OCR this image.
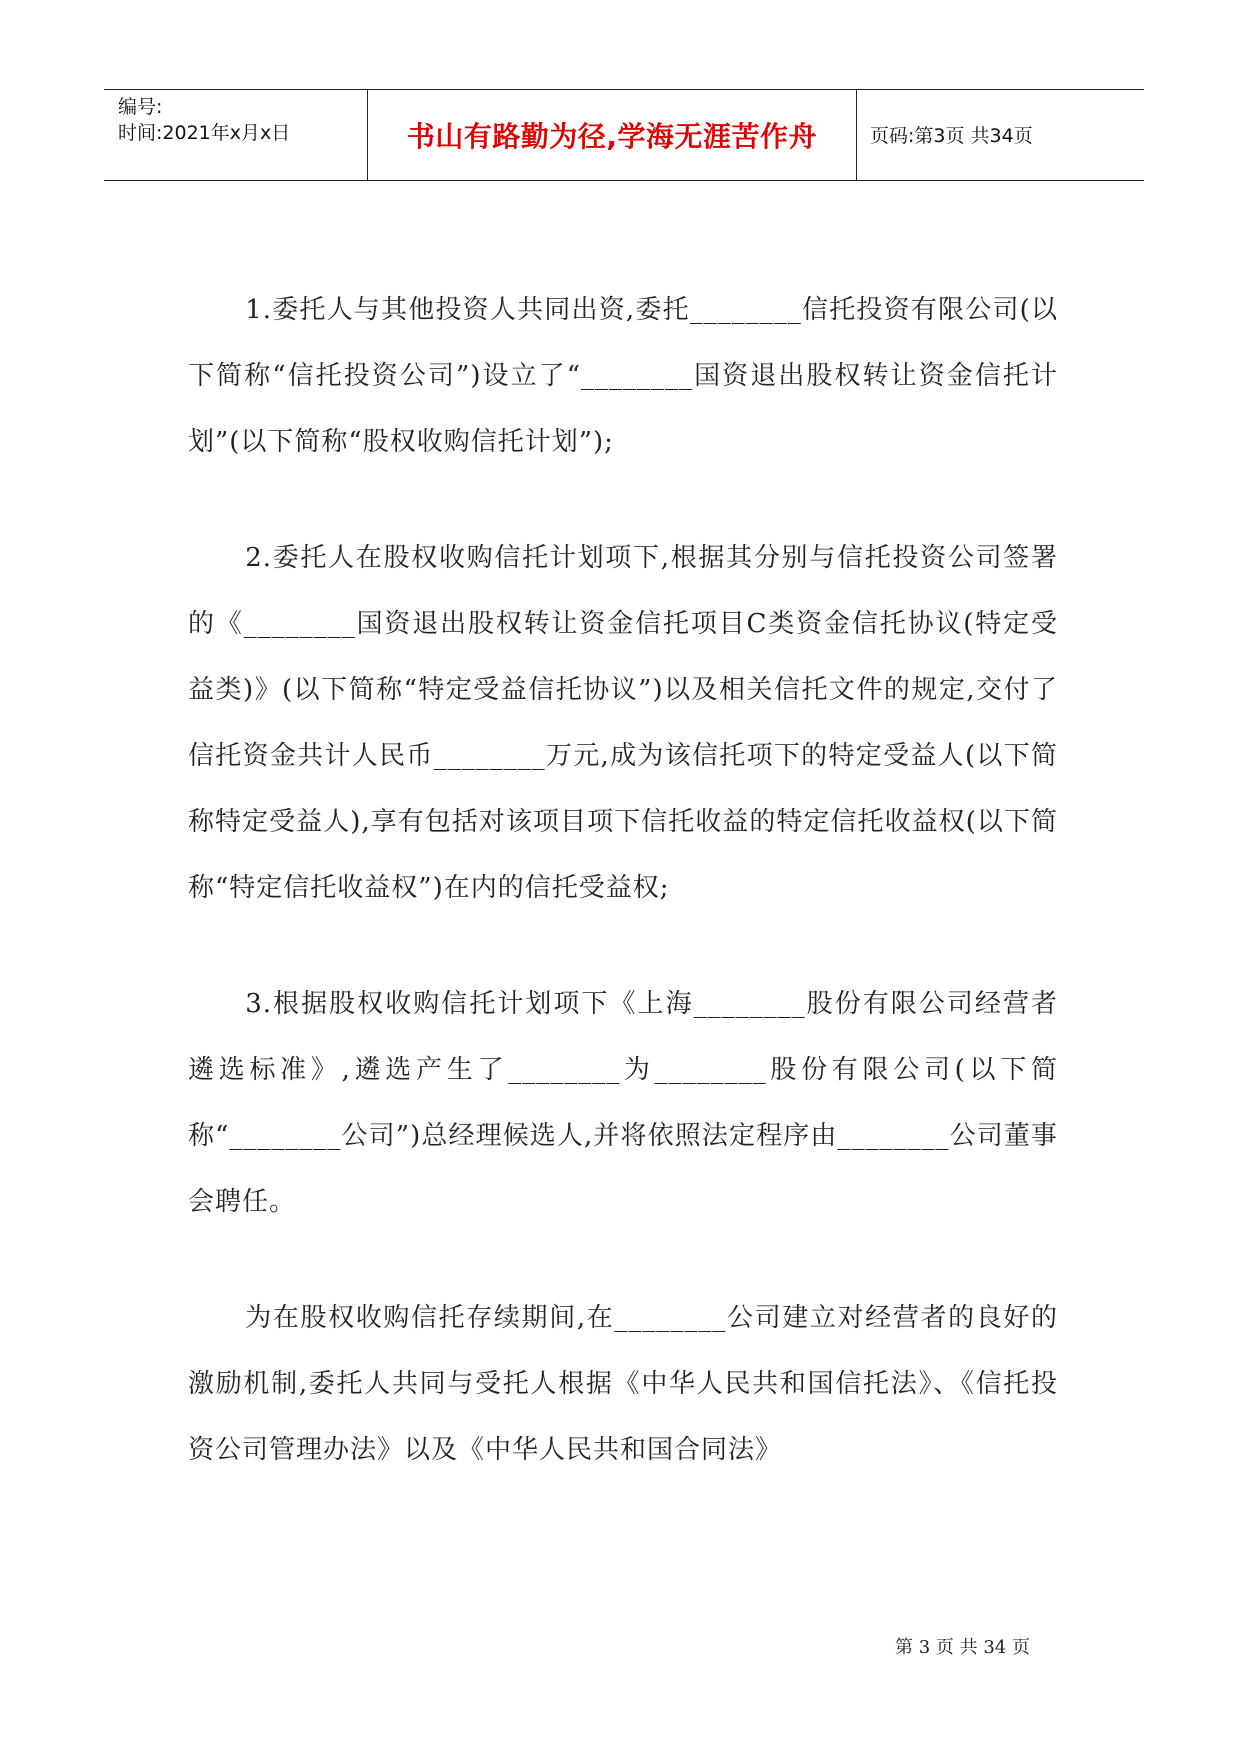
编号:
时间:2021年x月x日	书山有路勤为径,学海无涯苦作舟	页码:第3页 共34页

1.委托人与其他投资人共同出资,委托________信托投资有限公司(以下简称“信托投资公司”)设立了“________国资退出股权转让资金信托计划”(以下简称“股权收购信托计划”);

2.委托人在股权收购信托计划项下,根据其分别与信托投资公司签署的《________国资退出股权转让资金信托项目C类资金信托协议(特定受益类)》(以下简称“特定受益信托协议”)以及相关信托文件的规定,交付了信托资金共计人民币________万元,成为该信托项下的特定受益人(以下简称特定受益人),享有包括对该项目项下信托收益的特定信托收益权(以下简称“特定信托收益权”)在内的信托受益权;

3.根据股权收购信托计划项下《上海________股份有限公司经营者遴选标准》,遴选产生了________为________股份有限公司(以下简称“________公司”)总经理候选人,并将依照法定程序由________公司董事会聘任。

为在股权收购信托存续期间,在________公司建立对经营者的良好的激励机制,委托人共同与受托人根据《中华人民共和国信托法》、《信托投资公司管理办法》以及《中华人民共和国合同法》

第 3 页 共 34 页
